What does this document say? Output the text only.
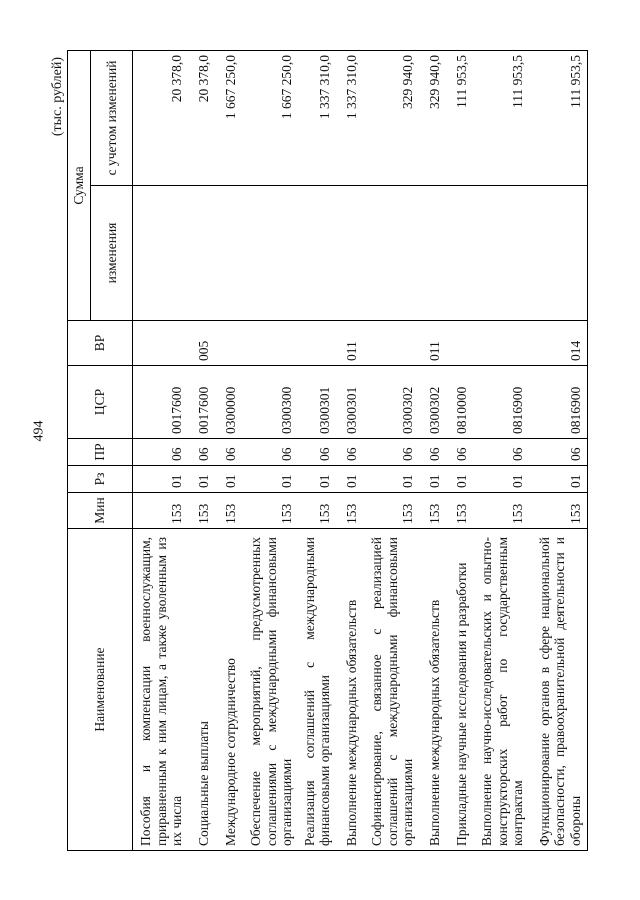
494
(тыс. рублей)
Наименование	Мин	Рз	ПР	ЦСР	ВР	Сумма	
						изменения	с учетом изменений
Пособия и компенсации военнослужащим, приравненным к ним лицам, а также уволенным из их числа	153	01	06	0017600			20 378,0
Социальные выплаты	153	01	06	0017600	005		20 378,0
Международное сотрудничество	153	01	06	0300000			1 667 250,0
Обеспечение мероприятий, предусмотренных соглашениями с международными финансовыми организациями	153	01	06	0300300			1 667 250,0
Реализация соглашений с международными финансовыми организациями	153	01	06	0300301			1 337 310,0
Выполнение международных обязательств	153	01	06	0300301	011		1 337 310,0
Софинансирование, связанное с реализацией соглашений с международными финансовыми организациями	153	01	06	0300302			329 940,0
Выполнение международных обязательств	153	01	06	0300302	011		329 940,0
Прикладные научные исследования и разработки	153	01	06	0810000			111 953,5
Выполнение научно-исследовательских и опытно-конструкторских работ по государственным контрактам	153	01	06	0816900			111 953,5
Функционирование органов в сфере национальной безопасности, правоохранительной деятельности и обороны	153	01	06	0816900	014		111 953,5
